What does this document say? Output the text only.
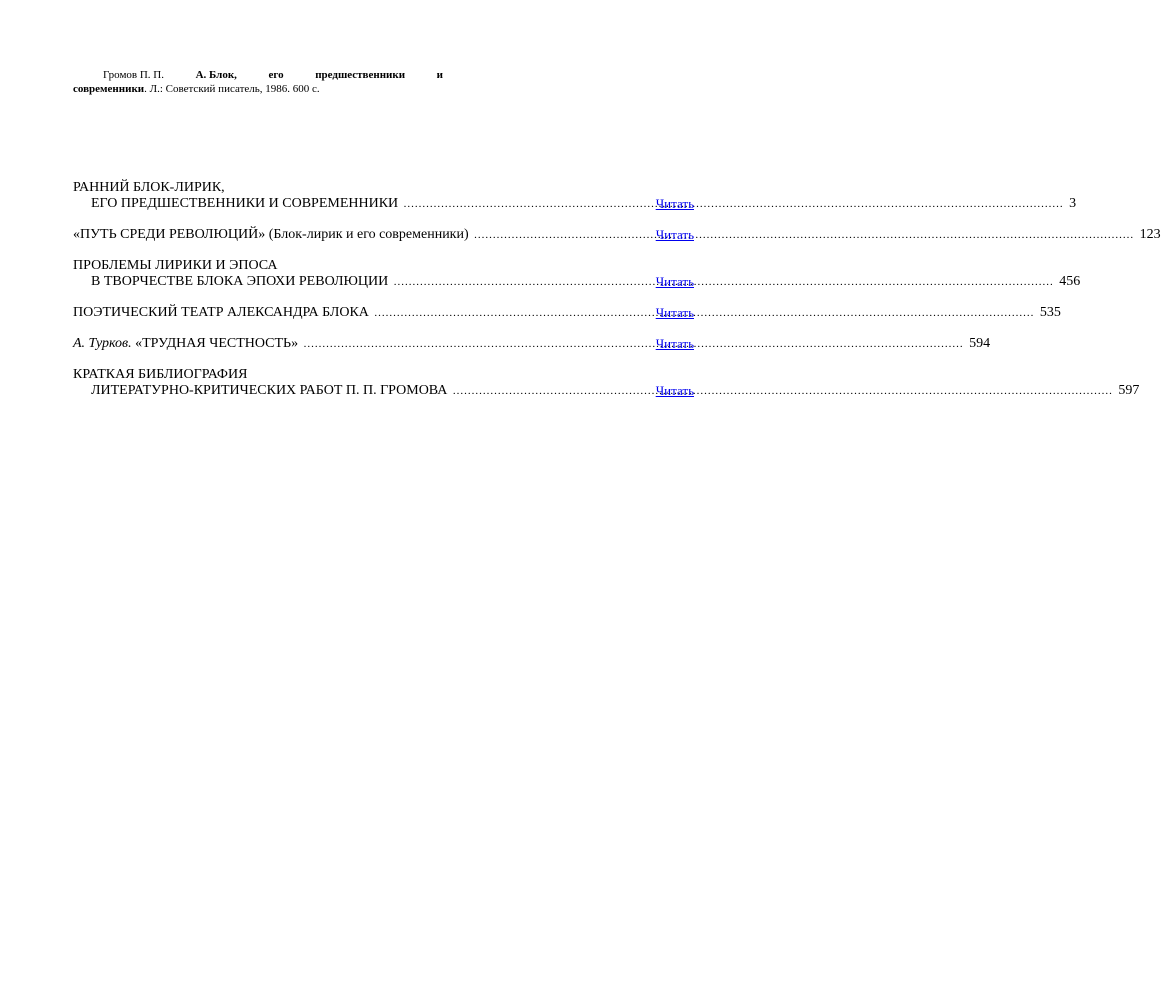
Громов П. П.	А. Блок,	его	предшественники	и
современники. Л.: Советский писатель, 1986. 600 с.
РАННИЙ БЛОК-ЛИРИК,
ЕГО ПРЕДШЕСТВЕННИКИ И СОВРЕМЕННИКИ .....	3
Читать
«ПУТЬ СРЕДИ РЕВОЛЮЦИЙ» (Блок-лирик и его современники) .....	123
Читать
ПРОБЛЕМЫ ЛИРИКИ И ЭПОСА
В ТВОРЧЕСТВЕ БЛОКА ЭПОХИ РЕВОЛЮЦИИ .....	456
Читать
ПОЭТИЧЕСКИЙ ТЕАТР АЛЕКСАНДРА БЛОКА .....	535
Читать
А. Турков. «ТРУДНАЯ ЧЕСТНОСТЬ» .....	594
Читать
КРАТКАЯ БИБЛИОГРАФИЯ
ЛИТЕРАТУРНО-КРИТИЧЕСКИХ РАБОТ П. П. ГРОМОВА .....	597
Читать
